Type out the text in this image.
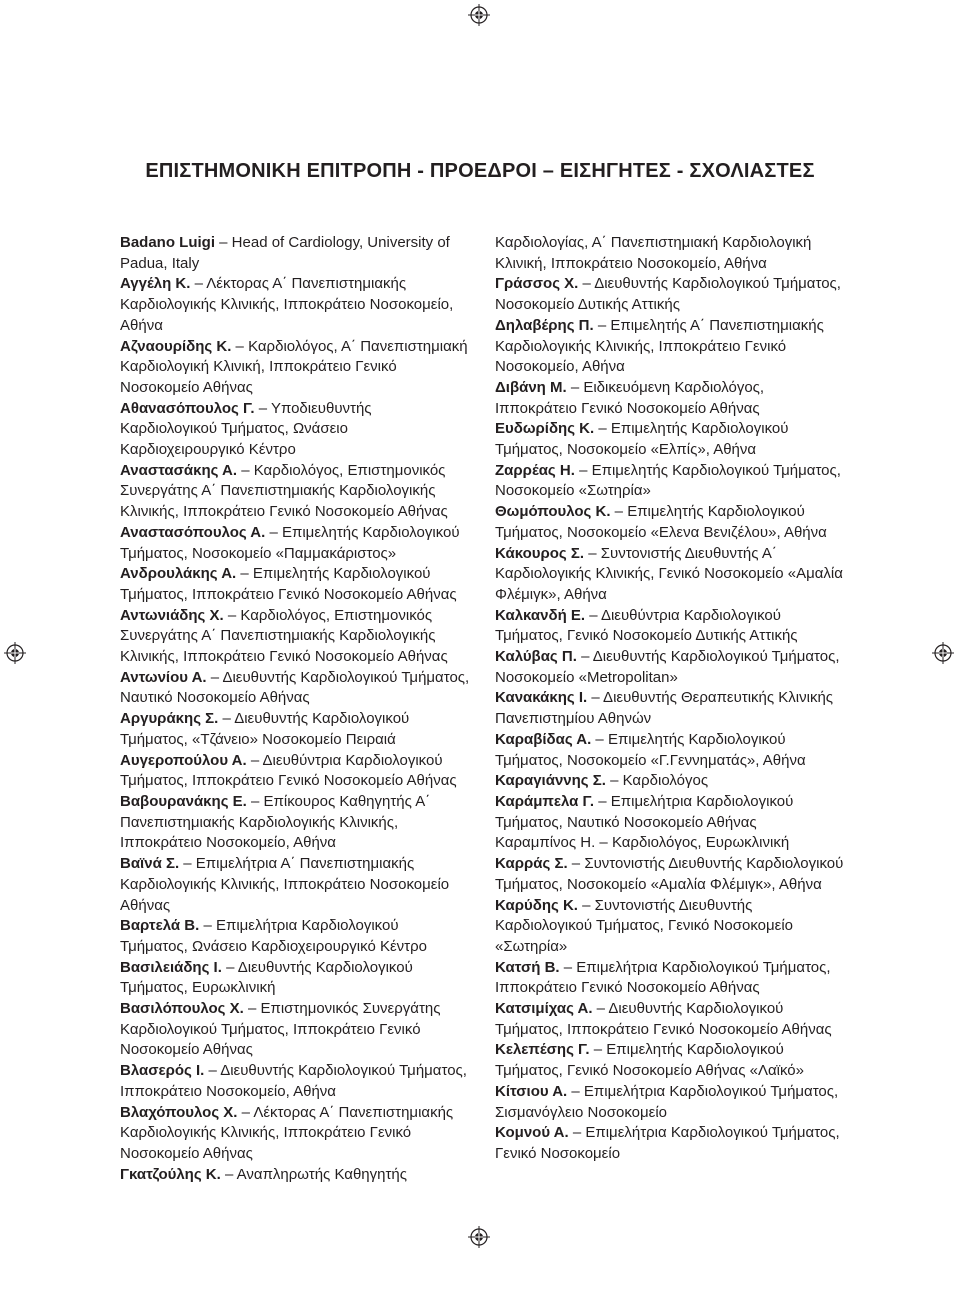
ΕΠΙΣΤΗΜΟΝΙΚΗ ΕΠΙΤΡΟΠΗ - ΠΡΟΕΔΡΟΙ – ΕΙΣΗΓΗΤΕΣ - ΣΧΟΛΙΑΣΤΕΣ

Badano Luigi – Head of Cardiology, University of Padua, Italy

Αγγέλη Κ. – Λέκτορας Α΄ Πανεπιστημιακής Καρδιολογικής Κλινικής, Ιπποκράτειο Νοσοκομείο, Αθήνα

Αζναουρίδης Κ. – Καρδιολόγος, Α΄ Πανεπιστημιακή Καρδιολογική Κλινική, Ιπποκράτειο Γενικό Νοσοκομείο Αθήνας

Αθανασόπουλος Γ. – Υποδιευθυντής Καρδιολογικού Τμήματος, Ωνάσειο Καρδιοχειρουργικό Κέντρο

Αναστασάκης Α. – Καρδιολόγος, Επιστημονικός Συνεργάτης Α΄ Πανεπιστημιακής Καρδιολογικής Κλινικής, Ιπποκράτειο Γενικό Νοσοκομείο Αθήνας

Αναστασόπουλος Α. – Επιμελητής Καρδιολογικού Τμήματος, Νοσοκομείο «Παμμακάριστος»

Ανδρουλάκης Α. – Επιμελητής Καρδιολογικού Τμήματος, Ιπποκράτειο Γενικό Νοσοκομείο Αθήνας

Αντωνιάδης Χ. – Καρδιολόγος, Επιστημονικός Συνεργάτης Α΄ Πανεπιστημιακής Καρδιολογικής Κλινικής, Ιπποκράτειο Γενικό Νοσοκομείο Αθήνας

Αντωνίου Α. – Διευθυντής Καρδιολογικού Τμήματος, Ναυτικό Νοσοκομείο Αθήνας

Αργυράκης Σ. – Διευθυντής Καρδιολογικού Τμήματος, «Τζάνειο» Νοσοκομείο Πειραιά

Αυγεροπούλου Α. – Διευθύντρια Καρδιολογικού Τμήματος, Ιπποκράτειο Γενικό Νοσοκομείο Αθήνας

Βαβουρανάκης Ε. – Επίκουρος Καθηγητής Α΄ Πανεπιστημιακής Καρδιολογικής Κλινικής, Ιπποκράτειο Νοσοκομείο, Αθήνα

Βαϊνά Σ. – Επιμελήτρια Α΄ Πανεπιστημιακής Καρδιολογικής Κλινικής, Ιπποκράτειο Νοσοκομείο Αθήνας

Βαρτελά Β. – Επιμελήτρια Καρδιολογικού Τμήματος, Ωνάσειο Καρδιοχειρουργικό Κέντρο

Βασιλειάδης Ι. – Διευθυντής Καρδιολογικού Τμήματος, Ευρωκλινική

Βασιλόπουλος Χ. – Επιστημονικός Συνεργάτης Καρδιολογικού Τμήματος, Ιπποκράτειο Γενικό Νοσοκομείο Αθήνας

Βλασερός Ι. – Διευθυντής Καρδιολογικού Τμήματος, Ιπποκράτειο Νοσοκομείο, Αθήνα

Βλαχόπουλος Χ. – Λέκτορας Α΄ Πανεπιστημιακής Καρδιολογικής Κλινικής, Ιπποκράτειο Γενικό Νοσοκομείο Αθήνας

Γκατζούλης Κ. – Αναπληρωτής Καθηγητής

Καρδιολογίας, Α΄ Πανεπιστημιακή Καρδιολογική Κλινική, Ιπποκράτειο Νοσοκομείο, Αθήνα

Γράσσος Χ. – Διευθυντής Καρδιολογικού Τμήματος, Νοσοκομείο Δυτικής Αττικής

Δηλαβέρης Π. – Επιμελητής Α΄ Πανεπιστημιακής Καρδιολογικής Κλινικής, Ιπποκράτειο Γενικό Νοσοκομείο, Αθήνα

Διβάνη Μ. – Ειδικευόμενη Καρδιολόγος, Ιπποκράτειο Γενικό Νοσοκομείο Αθήνας

Ευδωρίδης Κ. – Επιμελητής Καρδιολογικού Τμήματος, Νοσοκομείο «Ελπίς», Αθήνα

Ζαρρέας Η. – Επιμελητής Καρδιολογικού Τμήματος, Νοσοκομείο «Σωτηρία»

Θωμόπουλος Κ. – Επιμελητής Καρδιολογικού Τμήματος, Νοσοκομείο «Ελενα Βενιζέλου», Αθήνα

Κάκουρος Σ. – Συντονιστής Διευθυντής Α΄ Καρδιολογικής Κλινικής, Γενικό Νοσοκομείο «Αμαλία Φλέμιγκ», Αθήνα

Καλκανδή Ε. – Διευθύντρια Καρδιολογικού Τμήματος, Γενικό Νοσοκομείο Δυτικής Αττικής

Καλύβας Π. – Διευθυντής Καρδιολογικού Τμήματος, Νοσοκομείο «Metropolitan»

Κανακάκης Ι. – Διευθυντής Θεραπευτικής Κλινικής Πανεπιστημίου Αθηνών

Καραβίδας Α. – Επιμελητής Καρδιολογικού Τμήματος, Νοσοκομείο «Γ.Γεννηματάς», Αθήνα

Καραγιάννης Σ. – Καρδιολόγος

Καράμπελα Γ. – Επιμελήτρια Καρδιολογικού Τμήματος, Ναυτικό Νοσοκομείο Αθήνας

Καραμπίνος Η. – Καρδιολόγος, Ευρωκλινική

Καρράς Σ. – Συντονιστής Διευθυντής Καρδιολογικού Τμήματος, Νοσοκομείο «Αμαλία Φλέμιγκ», Αθήνα

Καρύδης Κ. – Συντονιστής Διευθυντής Καρδιολογικού Τμήματος, Γενικό Νοσοκομείο «Σωτηρία»

Κατσή Β. – Επιμελήτρια Καρδιολογικού Τμήματος, Ιπποκράτειο Γενικό Νοσοκομείο Αθήνας

Κατσιμίχας Α. – Διευθυντής Καρδιολογικού Τμήματος, Ιπποκράτειο Γενικό Νοσοκομείο Αθήνας

Κελεπέσης Γ. – Επιμελητής Καρδιολογικού Τμήματος, Γενικό Νοσοκομείο Αθήνας «Λαϊκό»

Κίτσιου Α. – Επιμελήτρια Καρδιολογικού Τμήματος, Σισμανόγλειο Νοσοκομείο

Κομνού Α. – Επιμελήτρια Καρδιολογικού Τμήματος, Γενικό Νοσοκομείο
